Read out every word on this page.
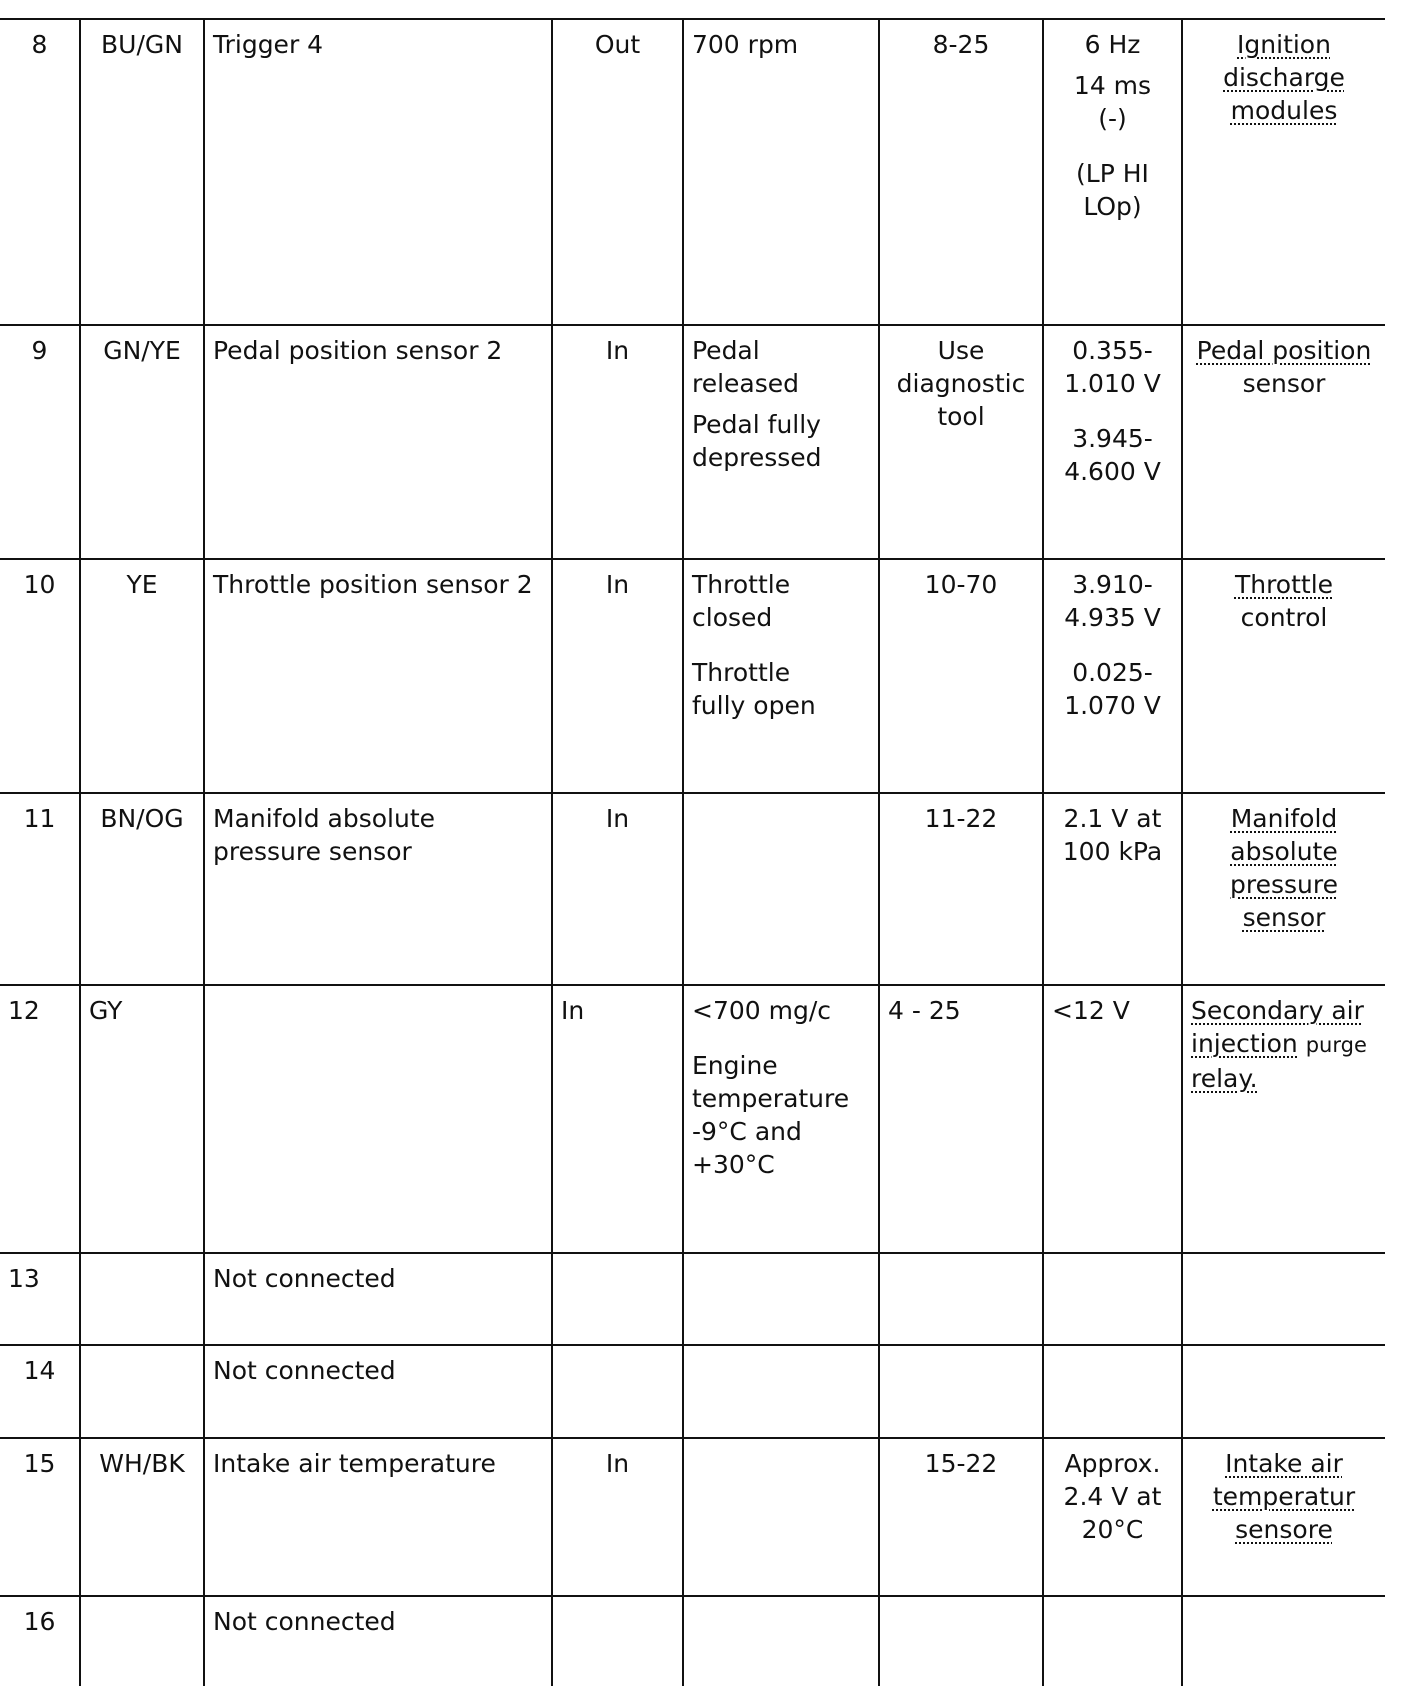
8	BU/GN	Trigger 4	Out	700 rpm	8-25	6 Hz
14 ms
(-)
(LP HI
LOp)	Ignition
discharge
modules

9	GN/YE	Pedal position sensor 2	In	Pedal
released
Pedal fully
depressed	Use diagnostic tool	0.355-
1.010 V
3.945-
4.600 V	Pedal position
sensor

10	YE	Throttle position sensor 2	In	Throttle
closed
Throttle
fully open	10-70	3.910-
4.935 V
0.025-
1.070 V	Throttle
control

11	BN/OG	Manifold absolute pressure sensor	In		11-22	2.1 V at
100 kPa	Manifold
absolute
pressure
sensor

12	GY		In	<700 mg/c
Engine
temperature
-9°C and
+30°C	4 - 25	<12 V	Secondary air
injection purge
relay.

13		Not connected					
14		Not connected					
15	WH/BK	Intake air temperature	In		15-22	Approx.
2.4 V at
20°C	Intake air
temperatur
sensore

16		Not connected					
